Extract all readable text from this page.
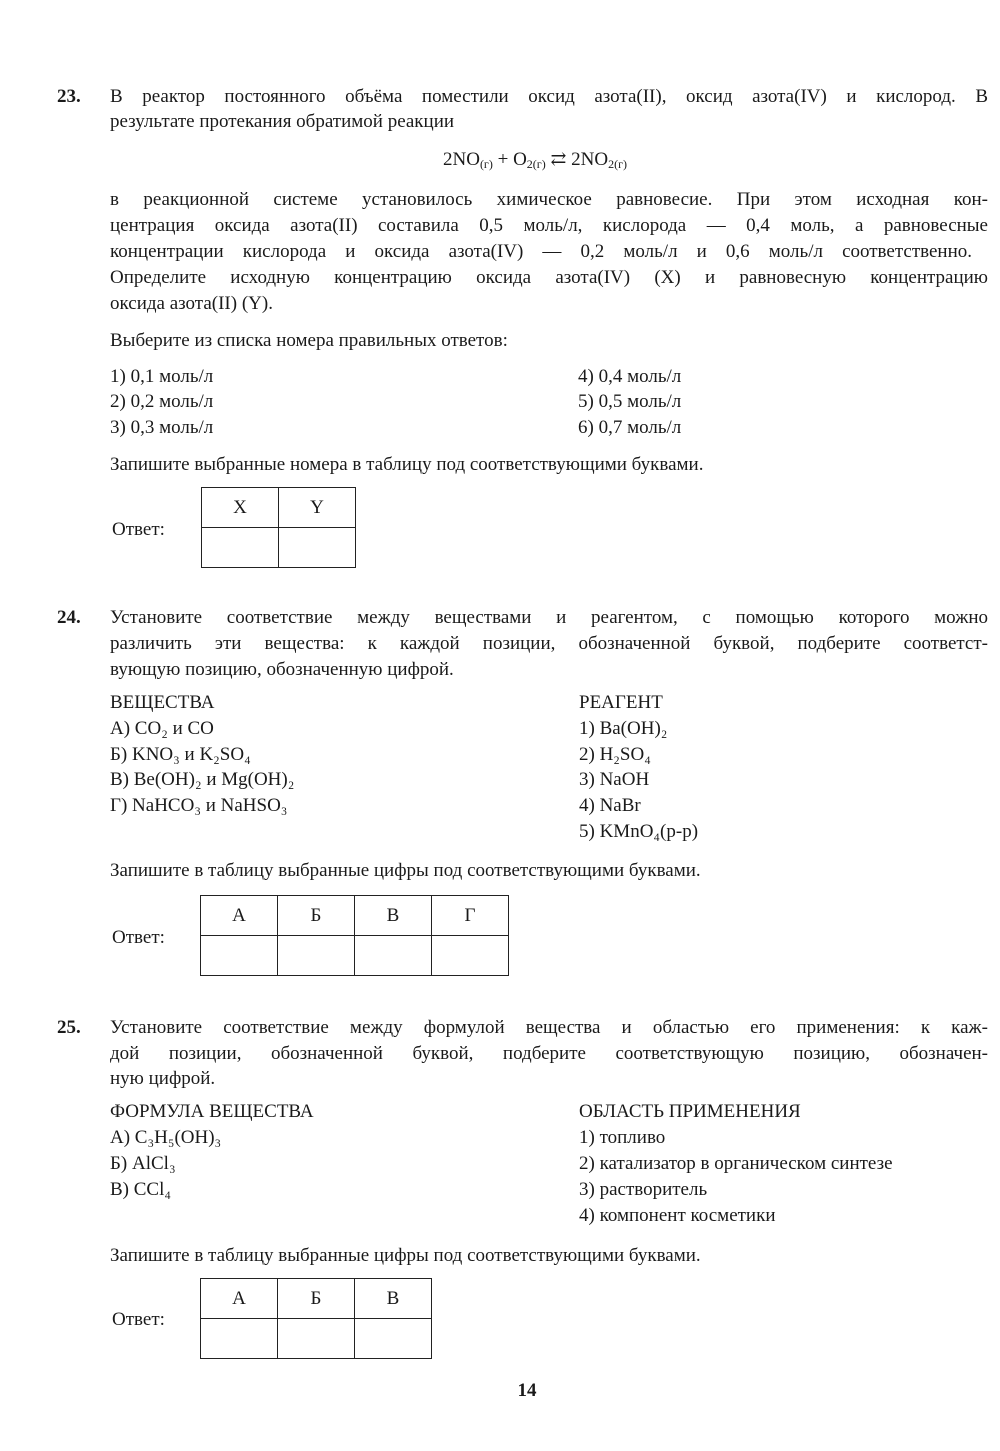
23. В реактор постоянного объёма поместили оксид азота(II), оксид азота(IV) и кислород. В
результате протекания обратимой реакции
$2NO_{(г)} + O_{2(г)}$ ⇄ $2NO_{2(г)}$
в реакционной системе установилось химическое равновесие. При этом исходная кон-
центрация оксида азота(II) составила 0,5 моль/л, кислорода — 0,4 моль, а равновесные
концентрации кислорода и оксида азота(IV) — 0,2 моль/л и 0,6 моль/л соответственно.
Определите исходную концентрацию оксида азота(IV) (X) и равновесную концентрацию
оксида азота(II) (Y).
Выберите из списка номера правильных ответов:
1) 0,1 моль/л
2) 0,2 моль/л
3) 0,3 моль/л
4) 0,4 моль/л
5) 0,5 моль/л
6) 0,7 моль/л
Запишите выбранные номера в таблицу под соответствующими буквами.
Ответ:
X	Y

24. Установите соответствие между веществами и реагентом, с помощью которого можно
различить эти вещества: к каждой позиции, обозначенной буквой, подберите соответст-
вующую позицию, обозначенную цифрой.
ВЕЩЕСТВА
А) CO₂ и CO
Б) KNO₃ и K₂SO₄
В) Be(OH)₂ и Mg(OH)₂
Г) NaHCO₃ и NaHSO₃
РЕАГЕНТ
1) Ba(OH)₂
2) H₂SO₄
3) NaOH
4) NaBr
5) KMnO₄(р-р)
Запишите в таблицу выбранные цифры под соответствующими буквами.
Ответ:
А	Б	В	Г

25. Установите соответствие между формулой вещества и областью его применения: к каж-
дой позиции, обозначенной буквой, подберите соответствующую позицию, обозначен-
ную цифрой.
ФОРМУЛА ВЕЩЕСТВА
А) C₃H₅(OH)₃
Б) AlCl₃
В) CCl₄
ОБЛАСТЬ ПРИМЕНЕНИЯ
1) топливо
2) катализатор в органическом синтезе
3) растворитель
4) компонент косметики
Запишите в таблицу выбранные цифры под соответствующими буквами.
Ответ:
А	Б	В

14
